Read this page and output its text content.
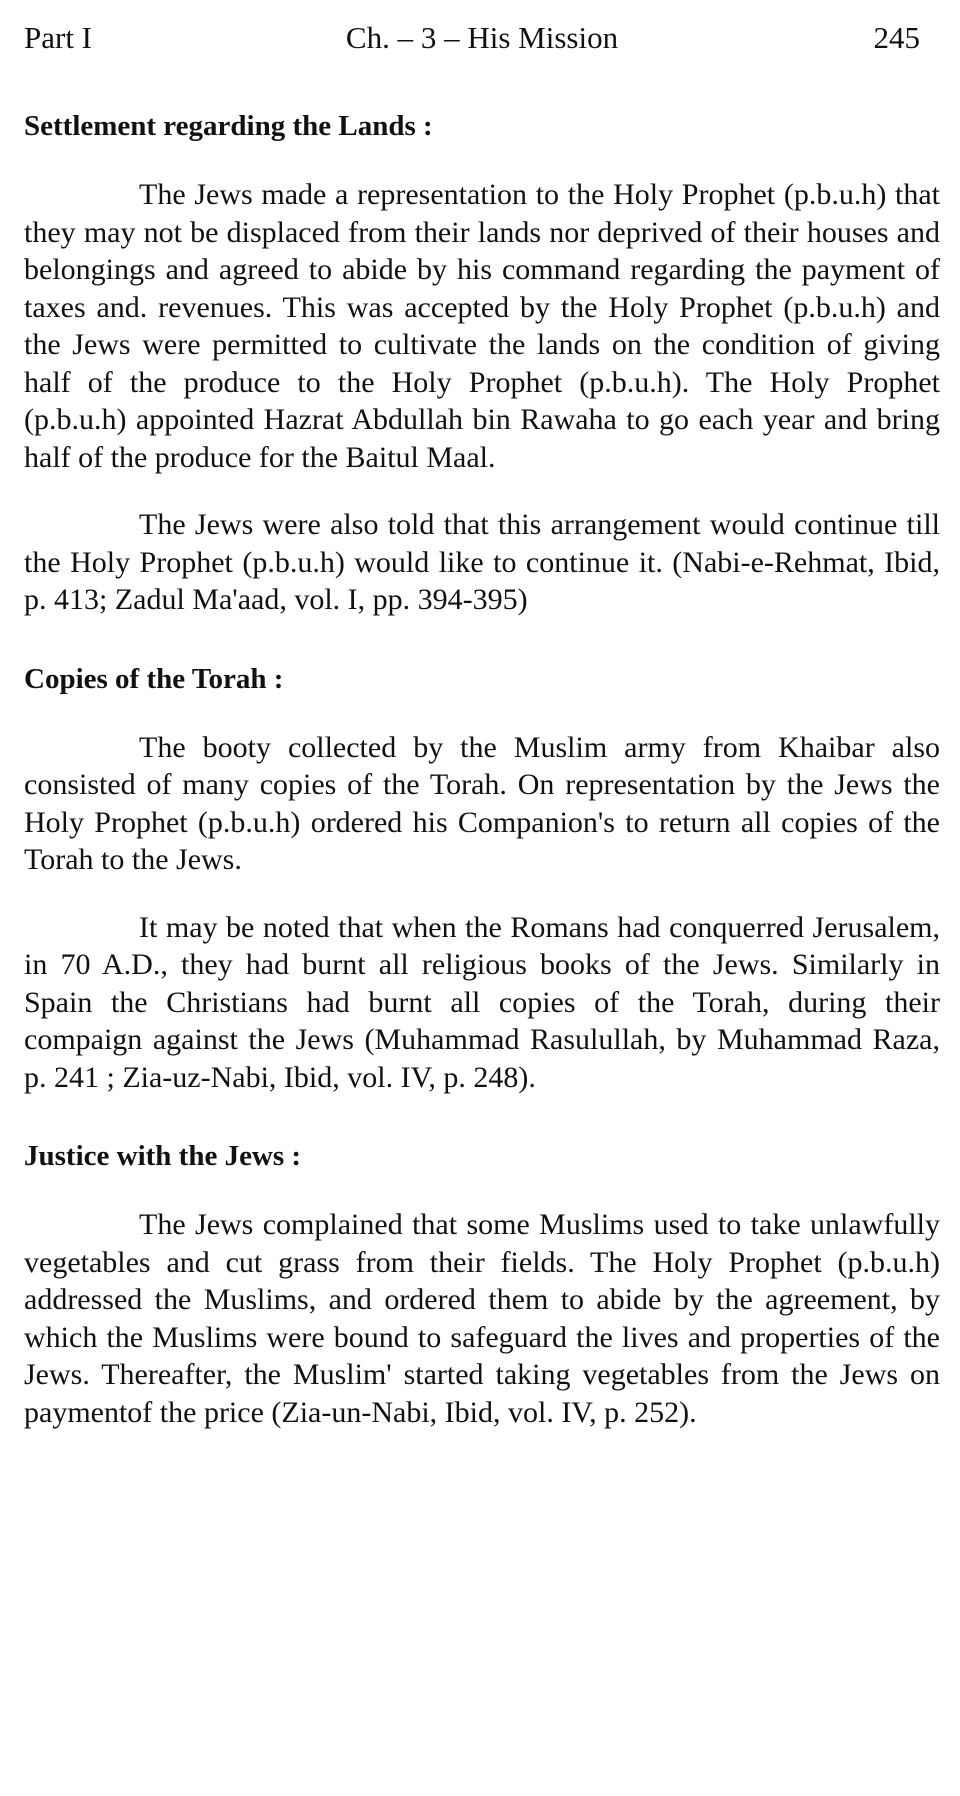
Part I	Ch. – 3 – His Mission	245
Settlement regarding the Lands :

The Jews made a representation to the Holy Prophet (p.b.u.h) that they may not be displaced from their lands nor deprived of their houses and belongings and agreed to abide by his command regarding the payment of taxes and. revenues. This was accepted by the Holy Prophet (p.b.u.h) and the Jews were permitted to cultivate the lands on the condition of giving half of the produce to the Holy Prophet (p.b.u.h). The Holy Prophet (p.b.u.h) appointed Hazrat Abdullah bin Rawaha to go each year and bring half of the produce for the Baitul Maal.

The Jews were also told that this arrangement would continue till the Holy Prophet (p.b.u.h) would like to continue it. (Nabi-e-Rehmat, Ibid, p. 413; Zadul Ma'aad, vol. I, pp. 394-395)

Copies of the Torah :

The booty collected by the Muslim army from Khaibar also consisted of many copies of the Torah. On representation by the Jews the Holy Prophet (p.b.u.h) ordered his Companion's to return all copies of the Torah to the Jews.

It may be noted that when the Romans had conquerred Jerusalem, in 70 A.D., they had burnt all religious books of the Jews. Similarly in Spain the Christians had burnt all copies of the Torah, during their compaign against the Jews (Muhammad Rasulullah, by Muhammad Raza, p. 241 ; Zia-uz-Nabi, Ibid, vol. IV, p. 248).

Justice with the Jews :

The Jews complained that some Muslims used to take unlawfully vegetables and cut grass from their fields. The Holy Prophet (p.b.u.h) addressed the Muslims, and ordered them to abide by the agreement, by which the Muslims were bound to safeguard the lives and properties of the Jews. Thereafter, the Muslim' started taking vegetables from the Jews on paymentof the price (Zia-un-Nabi, Ibid, vol. IV, p. 252).
